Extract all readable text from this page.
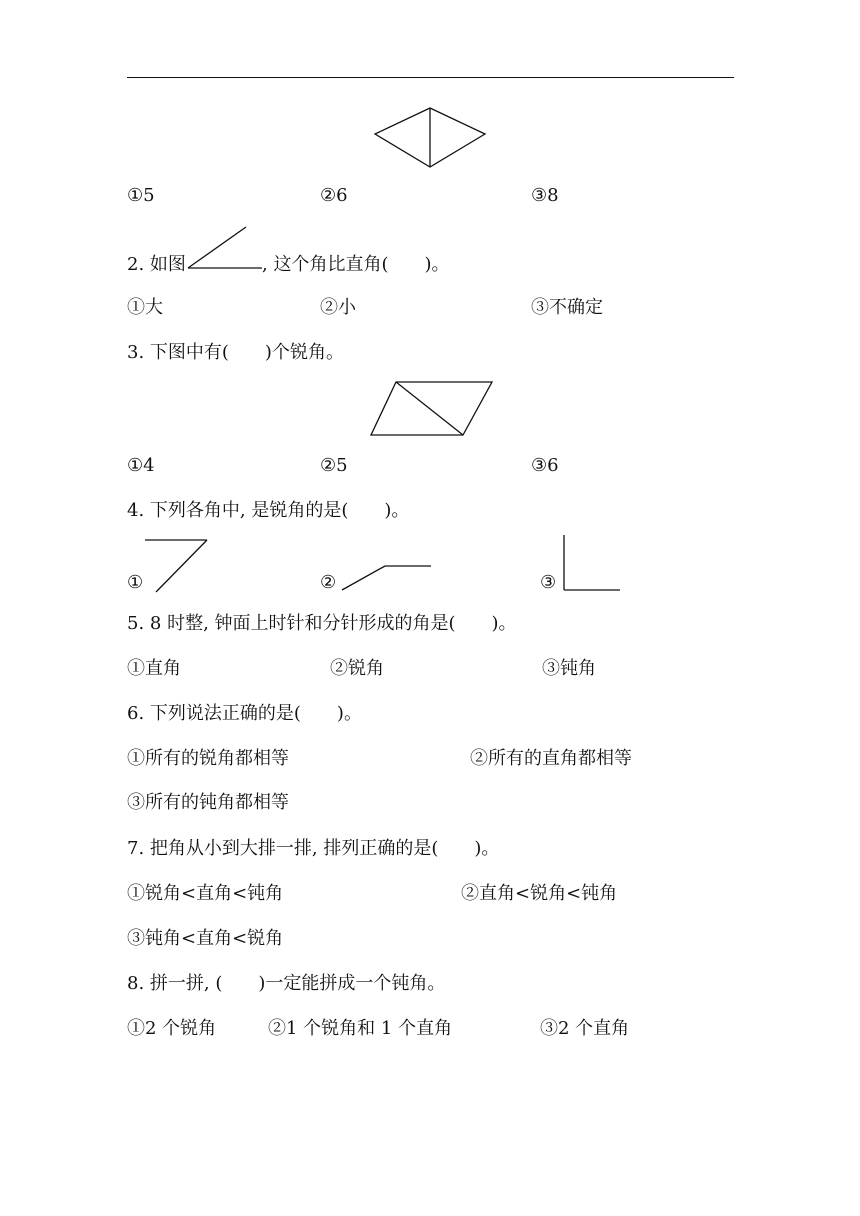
①5	②6	③8
2. 如图	, 这个角比直角(　　)。
①大	②小	③不确定
3. 下图中有(　　)个锐角。
①4	②5	③6
4. 下列各角中, 是锐角的是(　　)。
①	②	③
5. 8 时整, 钟面上时针和分针形成的角是(　　)。
①直角	②锐角	③钝角
6. 下列说法正确的是(　　)。
①所有的锐角都相等	②所有的直角都相等
③所有的钝角都相等
7. 把角从小到大排一排, 排列正确的是(　　)。
①锐角<直角<钝角	②直角<锐角<钝角
③钝角<直角<锐角
8. 拼一拼, (　　)一定能拼成一个钝角。
①2 个锐角	②1 个锐角和 1 个直角	③2 个直角
